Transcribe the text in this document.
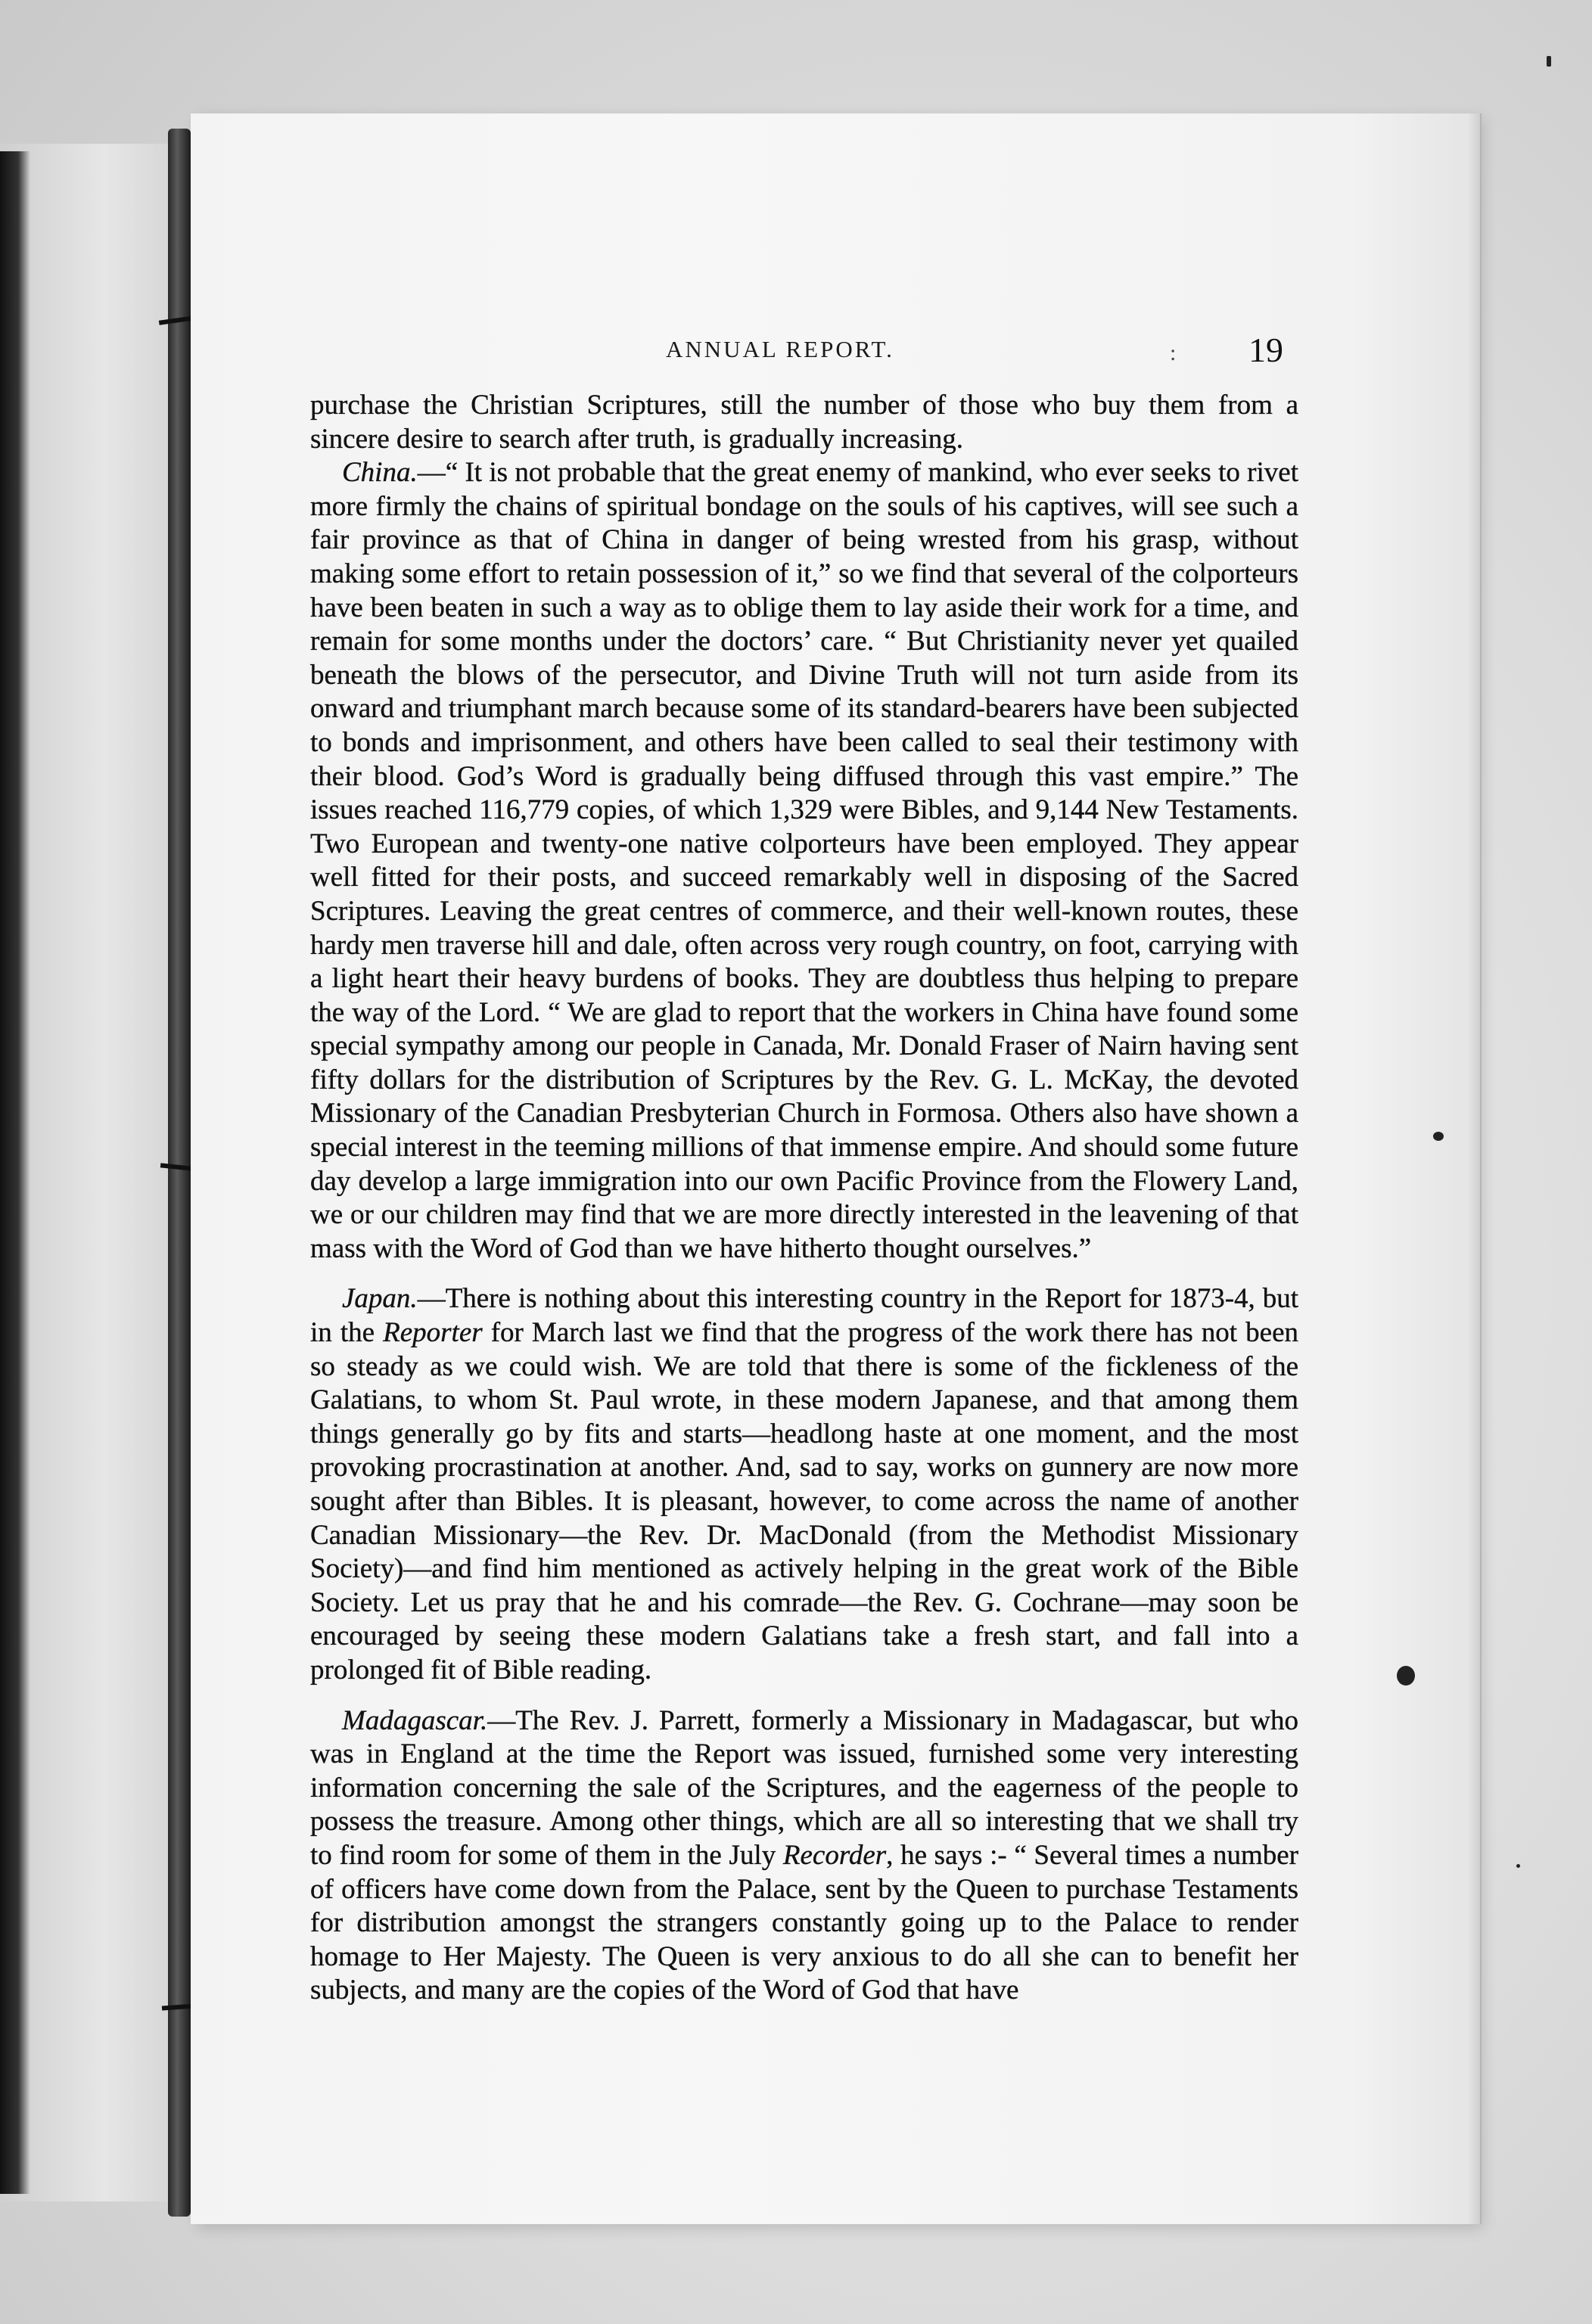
ANNUAL REPORT.	: 19

purchase the Christian Scriptures, still the number of those who buy them from a sincere desire to search after truth, is gradually increasing.

China.—“ It is not probable that the great enemy of mankind, who ever seeks to rivet more firmly the chains of spiritual bondage on the souls of his captives, will see such a fair province as that of China in danger of being wrested from his grasp, without making some effort to retain possession of it,” so we find that several of the colporteurs have been beaten in such a way as to oblige them to lay aside their work for a time, and remain for some months under the doctors’ care. “ But Christianity never yet quailed beneath the blows of the persecutor, and Divine Truth will not turn aside from its onward and triumphant march because some of its standard-bearers have been subjected to bonds and imprisonment, and others have been called to seal their testimony with their blood. God’s Word is gradually being diffused through this vast empire.” The issues reached 116,779 copies, of which 1,329 were Bibles, and 9,144 New Testaments. Two European and twenty-one native colporteurs have been employed. They appear well fitted for their posts, and succeed remarkably well in disposing of the Sacred Scriptures. Leaving the great centres of commerce, and their well-known routes, these hardy men traverse hill and dale, often across very rough country, on foot, carrying with a light heart their heavy burdens of books. They are doubtless thus helping to prepare the way of the Lord. “ We are glad to report that the workers in China have found some special sympathy among our people in Canada, Mr. Donald Fraser of Nairn having sent fifty dollars for the distribution of Scriptures by the Rev. G. L. McKay, the devoted Missionary of the Canadian Presbyterian Church in Formosa. Others also have shown a special interest in the teeming millions of that immense empire. And should some future day develop a large immigration into our own Pacific Province from the Flowery Land, we or our children may find that we are more directly interested in the leavening of that mass with the Word of God than we have hitherto thought ourselves.”

Japan.—There is nothing about this interesting country in the Report for 1873-4, but in the Reporter for March last we find that the progress of the work there has not been so steady as we could wish. We are told that there is some of the fickleness of the Galatians, to whom St. Paul wrote, in these modern Japanese, and that among them things generally go by fits and starts—headlong haste at one moment, and the most provoking procrastination at another. And, sad to say, works on gunnery are now more sought after than Bibles. It is pleasant, however, to come across the name of another Canadian Missionary—the Rev. Dr. MacDonald (from the Methodist Missionary Society)—and find him mentioned as actively helping in the great work of the Bible Society. Let us pray that he and his comrade—the Rev. G. Cochrane—may soon be encouraged by seeing these modern Galatians take a fresh start, and fall into a prolonged fit of Bible reading.

Madagascar.—The Rev. J. Parrett, formerly a Missionary in Madagascar, but who was in England at the time the Report was issued, furnished some very interesting information concerning the sale of the Scriptures, and the eagerness of the people to possess the treasure. Among other things, which are all so interesting that we shall try to find room for some of them in the July Recorder, he says :- “ Several times a number of officers have come down from the Palace, sent by the Queen to purchase Testaments for distribution amongst the strangers constantly going up to the Palace to render homage to Her Majesty. The Queen is very anxious to do all she can to benefit her subjects, and many are the copies of the Word of God that have
